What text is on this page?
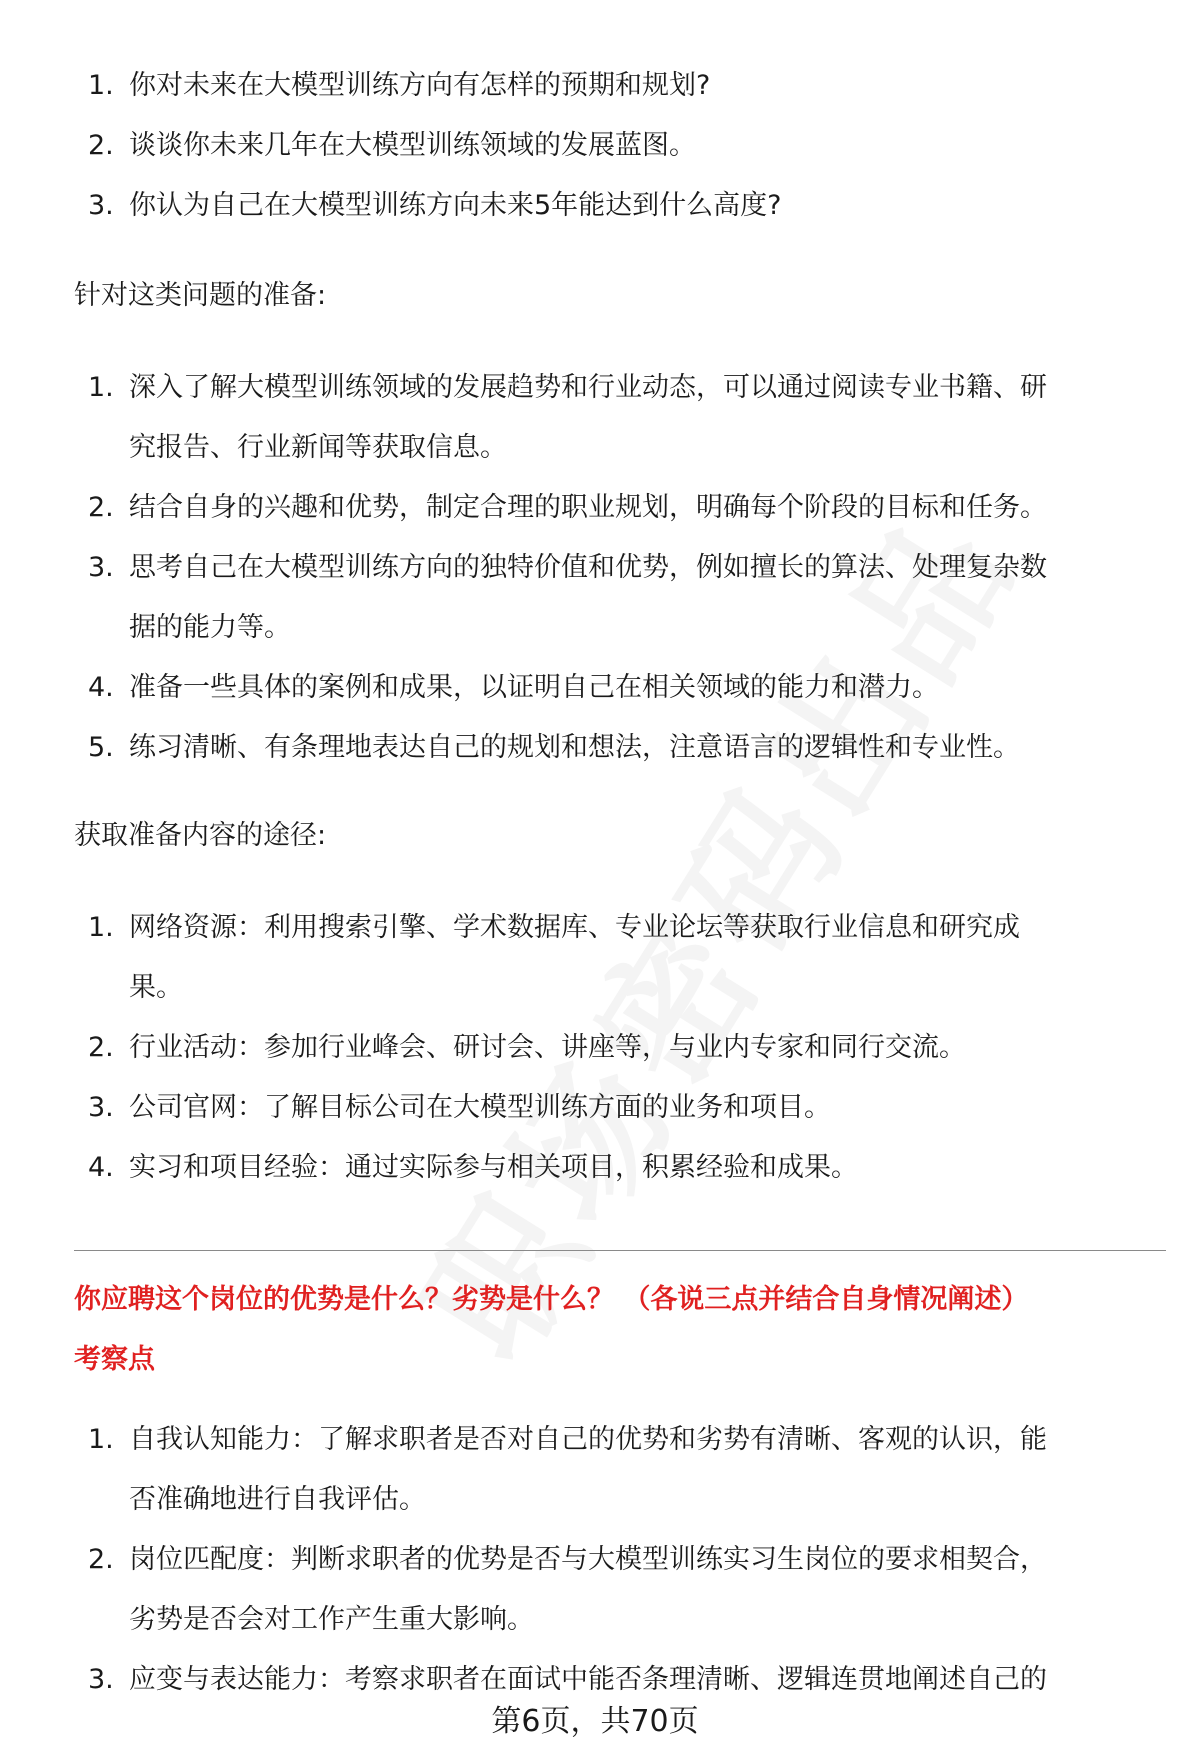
1. 你对未来在大模型训练方向有怎样的预期和规划?
2. 谈谈你未来几年在大模型训练领域的发展蓝图。
3. 你认为自己在大模型训练方向未来5年能达到什么高度?
针对这类问题的准备:
1. 深入了解大模型训练领域的发展趋势和行业动态，可以通过阅读专业书籍、研
究报告、行业新闻等获取信息。
2. 结合自身的兴趣和优势，制定合理的职业规划，明确每个阶段的目标和任务。
3. 思考自己在大模型训练方向的独特价值和优势，例如擅长的算法、处理复杂数
据的能力等。
4. 准备一些具体的案例和成果，以证明自己在相关领域的能力和潜力。
5. 练习清晰、有条理地表达自己的规划和想法，注意语言的逻辑性和专业性。
获取准备内容的途径:
1. 网络资源：利用搜索引擎、学术数据库、专业论坛等获取行业信息和研究成
果。
2. 行业活动：参加行业峰会、研讨会、讲座等，与业内专家和同行交流。
3. 公司官网：了解目标公司在大模型训练方面的业务和项目。
4. 实习和项目经验：通过实际参与相关项目，积累经验和成果。
你应聘这个岗位的优势是什么？劣势是什么？ （各说三点并结合自身情况阐述）
考察点
1. 自我认知能力：了解求职者是否对自己的优势和劣势有清晰、客观的认识，能
否准确地进行自我评估。
2. 岗位匹配度：判断求职者的优势是否与大模型训练实习生岗位的要求相契合，
劣势是否会对工作产生重大影响。
3. 应变与表达能力：考察求职者在面试中能否条理清晰、逻辑连贯地阐述自己的
第6页，共70页
